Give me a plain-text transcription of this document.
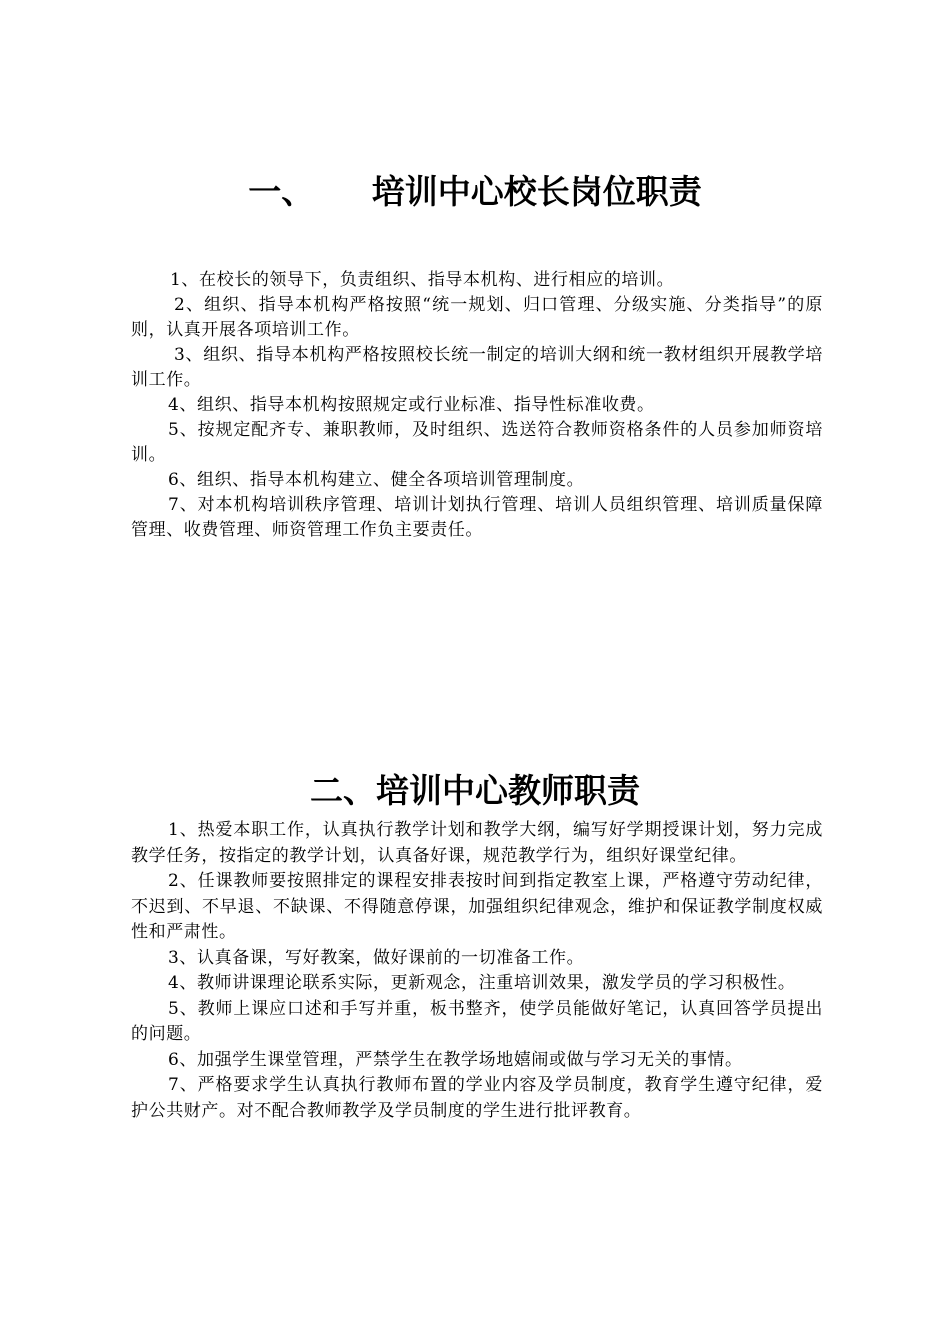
一、 培训中心校长岗位职责

1、在校长的领导下，负责组织、指导本机构、进行相应的培训。

2、组织、指导本机构严格按照“统一规划、归口管理、分级实施、分类指导”的原则，认真开展各项培训工作。

3、组织、指导本机构严格按照校长统一制定的培训大纲和统一教材组织开展教学培训工作。

4、组织、指导本机构按照规定或行业标准、指导性标准收费。

5、按规定配齐专、兼职教师，及时组织、选送符合教师资格条件的人员参加师资培训。

6、组织、指导本机构建立、健全各项培训管理制度。

7、对本机构培训秩序管理、培训计划执行管理、培训人员组织管理、培训质量保障管理、收费管理、师资管理工作负主要责任。

二、培训中心教师职责

1、热爱本职工作，认真执行教学计划和教学大纲，编写好学期授课计划，努力完成教学任务，按指定的教学计划，认真备好课，规范教学行为，组织好课堂纪律。

2、任课教师要按照排定的课程安排表按时间到指定教室上课，严格遵守劳动纪律，不迟到、不早退、不缺课、不得随意停课，加强组织纪律观念，维护和保证教学制度权威性和严肃性。

3、认真备课，写好教案，做好课前的一切准备工作。

4、教师讲课理论联系实际，更新观念，注重培训效果，激发学员的学习积极性。

5、教师上课应口述和手写并重，板书整齐，使学员能做好笔记，认真回答学员提出的问题。

6、加强学生课堂管理，严禁学生在教学场地嬉闹或做与学习无关的事情。

7、严格要求学生认真执行教师布置的学业内容及学员制度，教育学生遵守纪律，爱护公共财产。对不配合教师教学及学员制度的学生进行批评教育。
